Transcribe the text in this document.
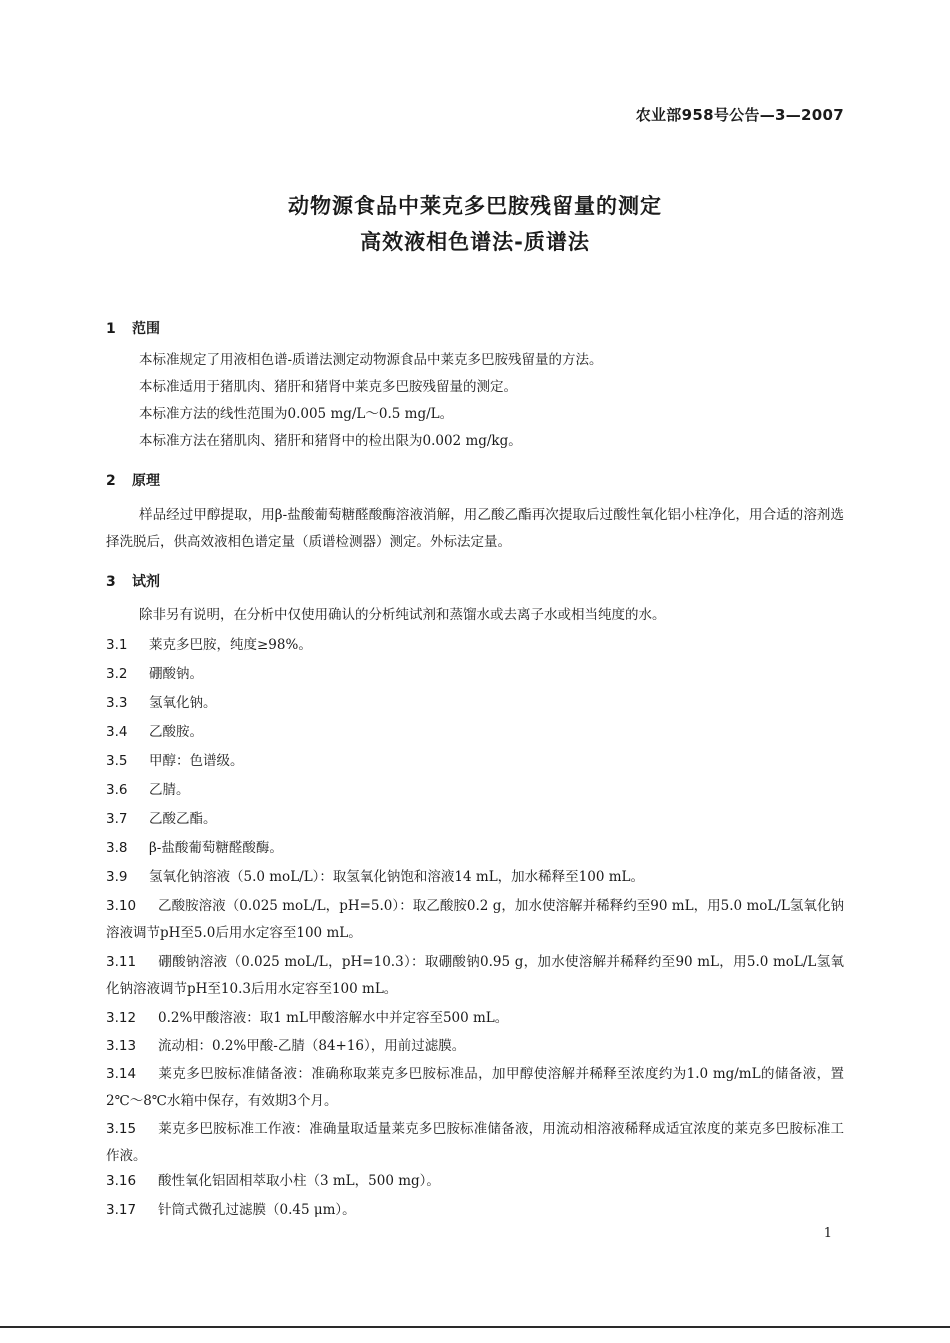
农业部958号公告—3—2007
动物源食品中莱克多巴胺残留量的测定
高效液相色谱法-质谱法
1 范围
本标准规定了用液相色谱-质谱法测定动物源食品中莱克多巴胺残留量的方法。
本标准适用于猪肌肉、猪肝和猪肾中莱克多巴胺残留量的测定。
本标准方法的线性范围为0.005 mg/L～0.5 mg/L。
本标准方法在猪肌肉、猪肝和猪肾中的检出限为0.002 mg/kg。
2 原理
样品经过甲醇提取，用β-盐酸葡萄糖醛酸酶溶液消解，用乙酸乙酯再次提取后过酸性氧化铝小柱净化，用合适的溶剂选择洗脱后，供高效液相色谱定量（质谱检测器）测定。外标法定量。
3 试剂
除非另有说明，在分析中仅使用确认的分析纯试剂和蒸馏水或去离子水或相当纯度的水。
3.1 莱克多巴胺，纯度≥98%。
3.2 硼酸钠。
3.3 氢氧化钠。
3.4 乙酸胺。
3.5 甲醇：色谱级。
3.6 乙腈。
3.7 乙酸乙酯。
3.8 β-盐酸葡萄糖醛酸酶。
3.9 氢氧化钠溶液（5.0 moL/L）：取氢氧化钠饱和溶液14 mL，加水稀释至100 mL。
3.10 乙酸胺溶液（0.025 moL/L，pH=5.0）：取乙酸胺0.2 g，加水使溶解并稀释约至90 mL，用5.0 moL/L氢氧化钠溶液调节pH至5.0后用水定容至100 mL。
3.11 硼酸钠溶液（0.025 moL/L，pH=10.3）：取硼酸钠0.95 g，加水使溶解并稀释约至90 mL，用5.0 moL/L氢氧化钠溶液调节pH至10.3后用水定容至100 mL。
3.12 0.2%甲酸溶液：取1 mL甲酸溶解水中并定容至500 mL。
3.13 流动相：0.2%甲酸-乙腈（84+16），用前过滤膜。
3.14 莱克多巴胺标准储备液：准确称取莱克多巴胺标准品，加甲醇使溶解并稀释至浓度约为1.0 mg/mL的储备液，置2℃～8℃水箱中保存，有效期3个月。
3.15 莱克多巴胺标准工作液：准确量取适量莱克多巴胺标准储备液，用流动相溶液稀释成适宜浓度的莱克多巴胺标准工作液。
3.16 酸性氧化铝固相萃取小柱（3 mL，500 mg）。
3.17 针筒式微孔过滤膜（0.45 μm）。
1
